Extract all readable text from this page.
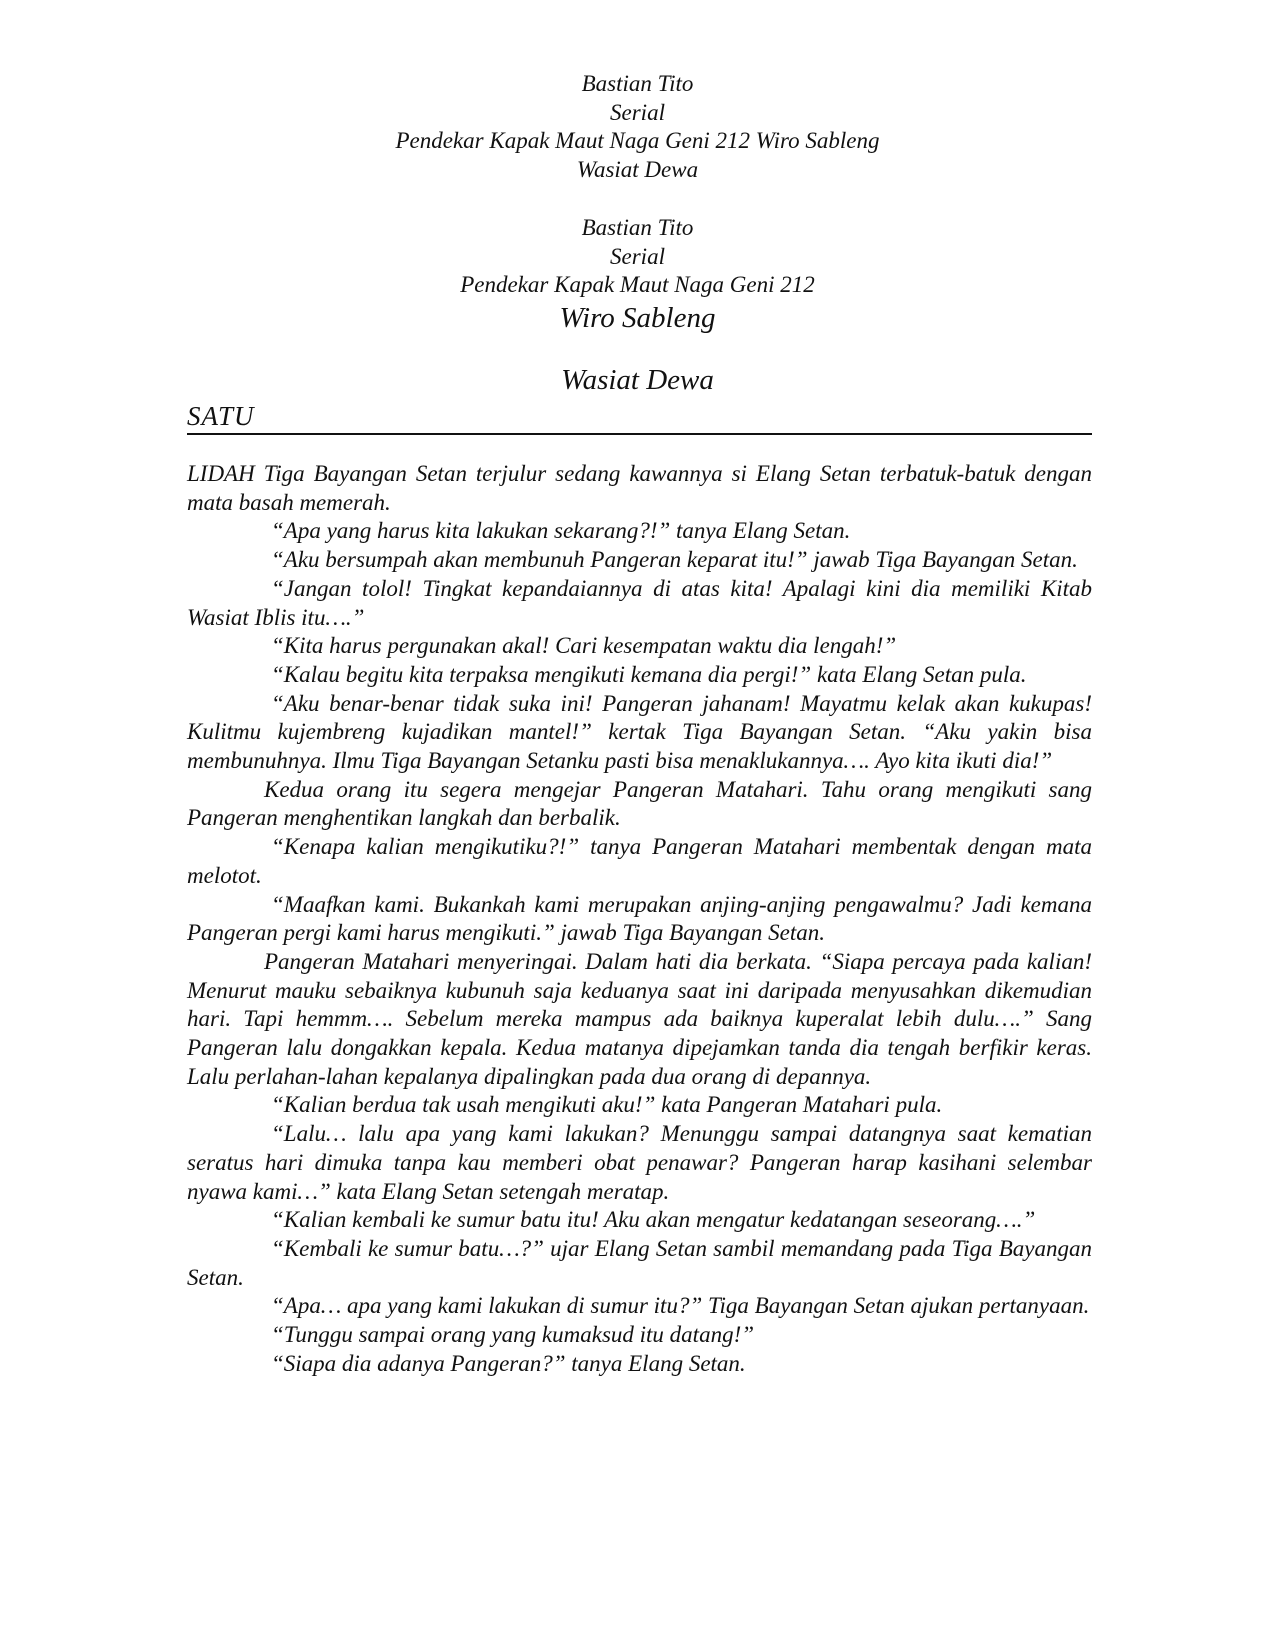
Bastian Tito
Serial
Pendekar Kapak Maut Naga Geni 212 Wiro Sableng
Wasiat Dewa
Bastian Tito
Serial
Pendekar Kapak Maut Naga Geni 212
Wiro Sableng
Wasiat Dewa
SATU

LIDAH Tiga Bayangan Setan terjulur sedang kawannya si Elang Setan terbatuk-batuk dengan mata basah memerah.

“Apa yang harus kita lakukan sekarang?!” tanya Elang Setan.

“Aku bersumpah akan membunuh Pangeran keparat itu!” jawab Tiga Bayangan Setan.

“Jangan tolol! Tingkat kepandaiannya di atas kita! Apalagi kini dia memiliki Kitab Wasiat Iblis itu….”

“Kita harus pergunakan akal! Cari kesempatan waktu dia lengah!”

“Kalau begitu kita terpaksa mengikuti kemana dia pergi!” kata Elang Setan pula.

“Aku benar-benar tidak suka ini! Pangeran jahanam! Mayatmu kelak akan kukupas! Kulitmu kujembreng kujadikan mantel!” kertak Tiga Bayangan Setan. “Aku yakin bisa membunuhnya. Ilmu Tiga Bayangan Setanku pasti bisa menaklukannya…. Ayo kita ikuti dia!”

Kedua orang itu segera mengejar Pangeran Matahari. Tahu orang mengikuti sang Pangeran menghentikan langkah dan berbalik.

“Kenapa kalian mengikutiku?!” tanya Pangeran Matahari membentak dengan mata melotot.

“Maafkan kami. Bukankah kami merupakan anjing-anjing pengawalmu? Jadi kemana Pangeran pergi kami harus mengikuti.” jawab Tiga Bayangan Setan.

Pangeran Matahari menyeringai. Dalam hati dia berkata. “Siapa percaya pada kalian! Menurut mauku sebaiknya kubunuh saja keduanya saat ini daripada menyusahkan dikemudian hari. Tapi hemmm…. Sebelum mereka mampus ada baiknya kuperalat lebih dulu….” Sang Pangeran lalu dongakkan kepala. Kedua matanya dipejamkan tanda dia tengah berfikir keras. Lalu perlahan-lahan kepalanya dipalingkan pada dua orang di depannya.

“Kalian berdua tak usah mengikuti aku!” kata Pangeran Matahari pula.

“Lalu… lalu apa yang kami lakukan? Menunggu sampai datangnya saat kematian seratus hari dimuka tanpa kau memberi obat penawar? Pangeran harap kasihani selembar nyawa kami…” kata Elang Setan setengah meratap.

“Kalian kembali ke sumur batu itu! Aku akan mengatur kedatangan seseorang….”

“Kembali ke sumur batu…?” ujar Elang Setan sambil memandang pada Tiga Bayangan Setan.

“Apa… apa yang kami lakukan di sumur itu?” Tiga Bayangan Setan ajukan pertanyaan.

“Tunggu sampai orang yang kumaksud itu datang!”

“Siapa dia adanya Pangeran?” tanya Elang Setan.
